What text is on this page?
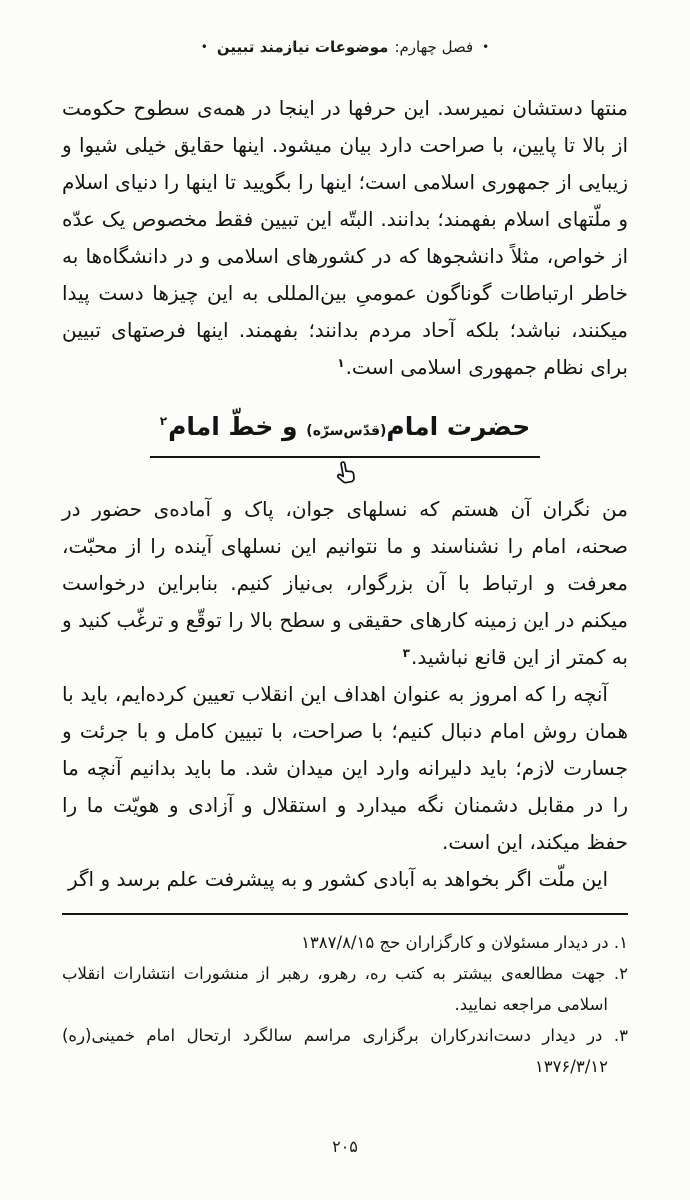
•فصل چهارم:موضوعات نیازمند تبیین•

منتها دستشان نمیرسد. این حرفها در اینجا در همه‌ی سطوح حکومت از بالا تا پایین، با صراحت دارد بیان میشود. اینها حقایق خیلی شیوا و زیبایی از جمهوری اسلامی است؛ اینها را بگویید تا اینها را دنیای اسلام و ملّتهای اسلام بفهمند؛ بدانند. البتّه این تبیین فقط مخصوص یک عدّه از خواص، مثلاً دانشجوها که در کشورهای اسلامی و در دانشگاه‌ها به خاطر ارتباطات گوناگون عمومیِ بین‌المللی به این چیزها دست پیدا میکنند، نباشد؛ بلکه آحاد مردم بدانند؛ بفهمند. اینها فرصتهای تبیین برای نظام جمهوری اسلامی است.$^۱$

حضرت امام(قدّس‌سرّه) و خطّ امام$^۲$

من نگران آن هستم که نسلهای جوان، پاک و آماده‌ی حضور در صحنه، امام را نشناسند و ما نتوانیم این نسلهای آینده را از محبّت، معرفت و ارتباط با آن بزرگوار، بی‌نیاز کنیم. بنابراین درخواست میکنم در این زمینه کارهای حقیقی و سطح بالا را توقّع و ترغّب کنید و به کمتر از این قانع نباشید.$^۳$

آنچه را که امروز به عنوان اهداف این انقلاب تعیین کرده‌ایم، باید با همان روش امام دنبال کنیم؛ با صراحت، با تبیین کامل و با جرئت و جسارت لازم؛ باید دلیرانه وارد این میدان شد. ما باید بدانیم آنچه ما را در مقابل دشمنان نگه میدارد و استقلال و آزادی و هویّت ما را حفظ میکند، این است.

این ملّت اگر بخواهد به آبادی کشور و به پیشرفت علم برسد و اگر

۱. در دیدار مسئولان و کارگزاران حج ۱۳۸۷/۸/۱۵
۲. جهت مطالعه‌ی بیشتر به کتب ره، رهرو، رهبر از منشورات انتشارات انقلاب اسلامی مراجعه نمایید.
۳. در دیدار دست‌اندرکاران برگزاری مراسم سالگرد ارتحال امام خمینی(ره) ۱۳۷۶/۳/۱۲
۲۰۵
